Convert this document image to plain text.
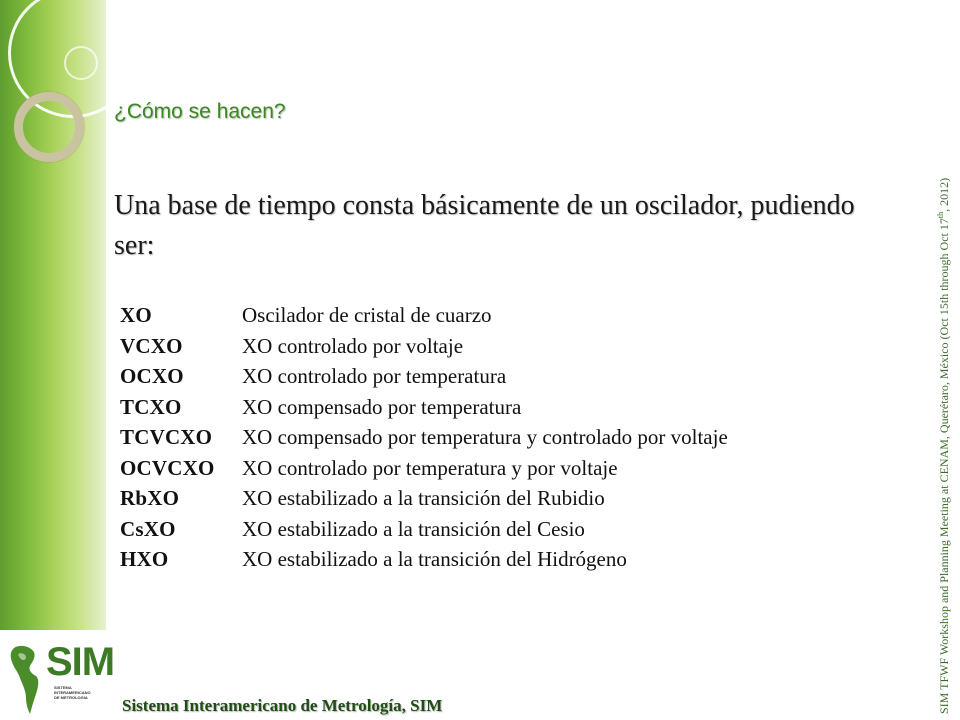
¿Cómo se hacen?
Una base de tiempo consta básicamente de un oscilador, pudiendo ser:
XO	Oscilador de cristal de cuarzo
VCXO	XO controlado por voltaje
OCXO	XO controlado por temperatura
TCXO	XO compensado por temperatura
TCVCXO XO compensado por temperatura y controlado por voltaje
OCVCXO XO controlado por temperatura y por voltaje
RbXO	XO estabilizado a la transición del Rubidio
CsXO	XO estabilizado a la transición del Cesio
HXO	XO estabilizado a la transición del Hidrógeno
SIM
SISTEMA
INTERAMERICANO
DE METROLOGIA	Sistema Interamericano de Metrología, SIM	SIM TFWF Workshop and Planning Meeting at CENAM, Querétaro, México (Oct 15th through Oct 17th, 2012)
